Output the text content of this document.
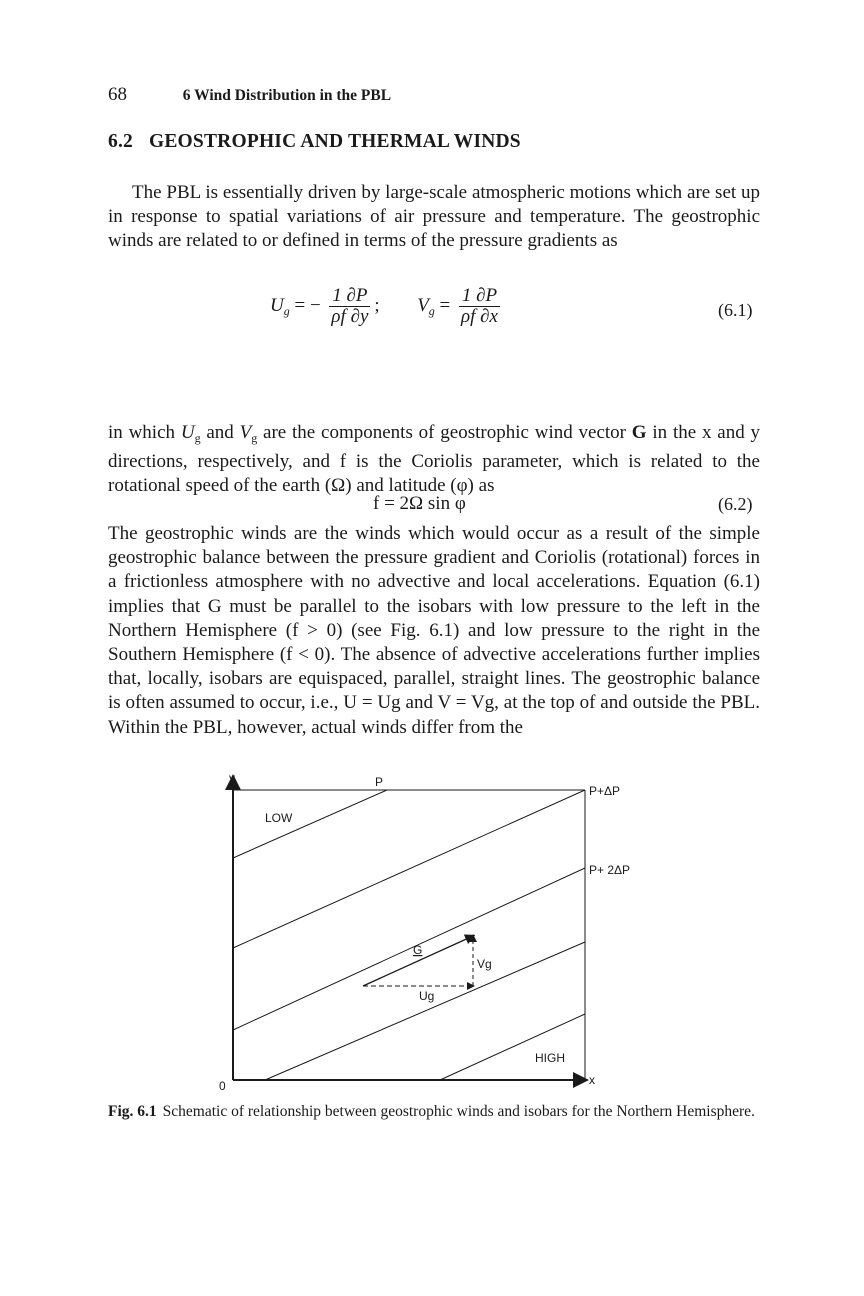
68	6 Wind Distribution in the PBL
6.2 GEOSTROPHIC AND THERMAL WINDS

The PBL is essentially driven by large-scale atmospheric motions which are set up in response to spatial variations of air pressure and temperature. The geostrophic winds are related to or defined in terms of the pressure gradients as

$U_g$ = − $\frac{1 \partial P}{\rho f \partial y}$ ; $V_g = \frac{1 \partial P}{\rho f \partial x}$	(6.1)

in which $U_g$ and $V_g$ are the components of geostrophic wind vector G in the x and y directions, respectively, and f is the Coriolis parameter, which is related to the rotational speed of the earth (Ω) and latitude (φ) as

f = 2Ω sin φ	(6.2)

The geostrophic winds are the winds which would occur as a result of the simple geostrophic balance between the pressure gradient and Coriolis (rotational) forces in a frictionless atmosphere with no advective and local accelerations. Equation (6.1) implies that G must be parallel to the isobars with low pressure to the left in the Northern Hemisphere (f > 0) (see Fig. 6.1) and low pressure to the right in the Southern Hemisphere (f < 0). The absence of advective accelerations further implies that, locally, isobars are equispaced, parallel, straight lines. The geostrophic balance is often assumed to occur, i.e., U = Ug and V = Vg, at the top of and outside the PBL. Within the PBL, however, actual winds differ from the

y
x
0
P
P+ΔP
P+ 2ΔP
LOW
HIGH
G
Vg
Ug

Fig. 6.1 Schematic of relationship between geostrophic winds and isobars for the Northern Hemisphere.
